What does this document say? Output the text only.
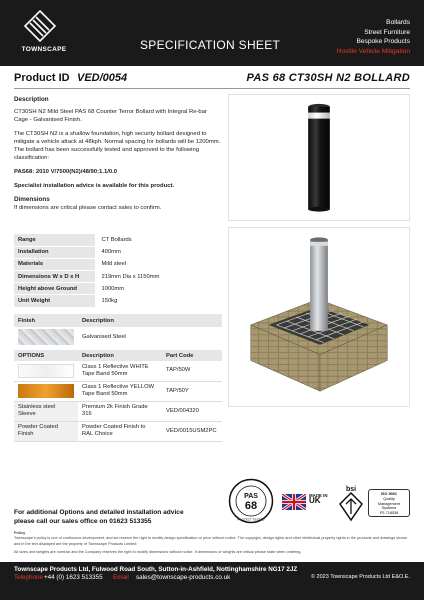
TOWNSCAPE	SPECIFICATION SHEET
Bollards
Street Furniture
Bespoke Products
Hostile Vehicle Mitigation
Product ID VED/0054	PAS 68 CT30SH N2 BOLLARD
Description

CT30SH N2 Mild Steel PAS 68 Counter Terror Bollard with Integral Re-bar Cage - Galvanised Finish.

The CT30SH N2 is a shallow foundation, high security bollard designed to mitigate a vehicle attack at 48kph. Normal spacing for bollards will be 1200mm. The bollard has been successfully tested and approved to the following classification:

PAS68: 2010 V/7500(N2)/48/90:1.1/0.0

Specialist installation advice is available for this product.

Dimensions

If dimensions are critical please contact sales to confirm.

Range	CT Bollards
Installation	400mm
Materials	Mild steel
Dimensions W x D x H	219mm Dia x 1150mm
Height above Ground	1000mm
Unit Weight	150kg
Finish	Description

	Galvanised Steel
OPTIONS	Description	Part Code

	Class 1 Reflective WHITE Tape Band 50mm	TAP/50W

	Class 1 Reflective YELLOW Tape Band 50mm	TAP/50Y
Stainless steel Sleeve	Premium 2k Finish Grade 316	VED/004320
Powder Coated Finish	Powder Coated Finish to RAL Choice	VED/0015USM2PC
PAS
68
PROTECT TESTED
MADE IN
UK
bsi
ISO 9001
Quality
Management
Systems
FS 718538
For additional Options and detailed installation advice
please call our sales office on 01623 513355
Policy
Townscape's policy is one of continuous development, and we reserve the right to modify design specification or price without notice. The copyright, design rights and other intellectual property rights in the products and drawings shown and in the text displayed are the property of Townscape Products Limited.
All sizes and weights are nominal and the Company reserves the right to modify dimensions without notice. If dimensions or weights are critical please state when ordering.
Townscape Products Ltd, Fulwood Road South, Sutton-in-Ashfield, Nottinghamshire NG17 2JZ
Telephone +44 (0) 1623 513355 Email sales@townscape-products.co.uk	© 2023 Townscape Products Ltd E&O.E.
